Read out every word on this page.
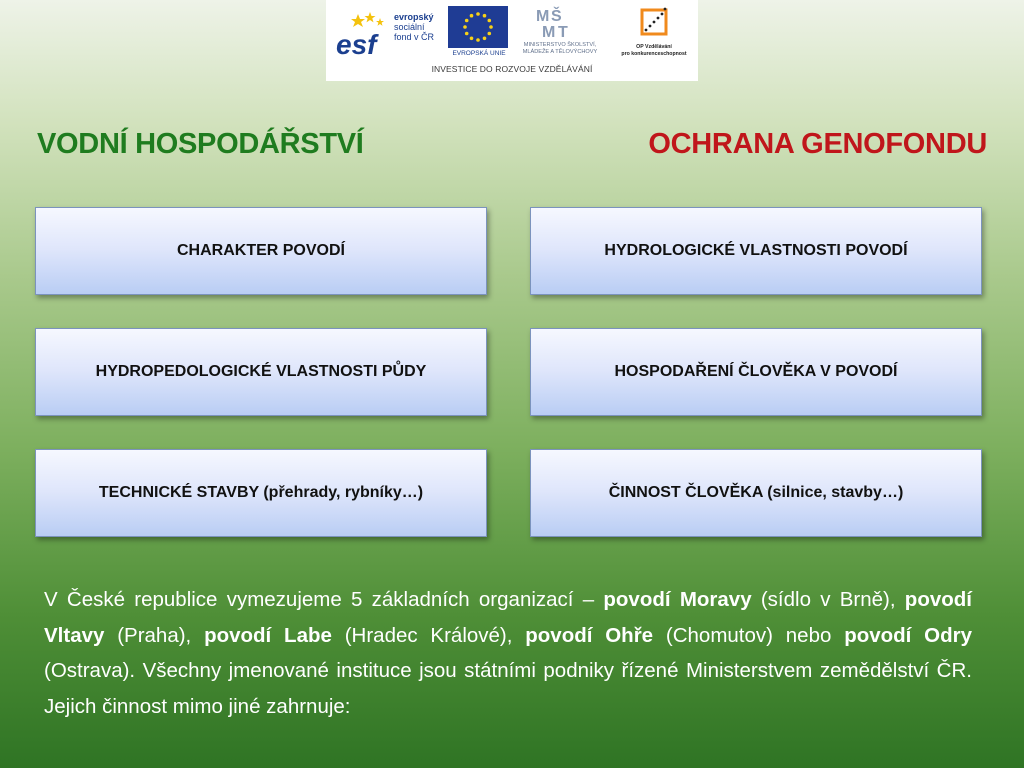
esf
evropský
sociální
fond v ČR
EVROPSKÁ UNIE
M Š
M T
MINISTERSTVO ŠKOLSTVÍ,
MLÁDEŽE A TĚLOVÝCHOVY
OP Vzdělávání
pro konkurenceschopnost
INVESTICE DO ROZVOJE VZDĚLÁVÁNÍ
VODNÍ HOSPODÁŘSTVÍ	OCHRANA GENOFONDU
CHARAKTER POVODÍ	HYDROLOGICKÉ VLASTNOSTI POVODÍ
HYDROPEDOLOGICKÉ VLASTNOSTI PŮDY	HOSPODAŘENÍ ČLOVĚKA V POVODÍ
TECHNICKÉ STAVBY (přehrady, rybníky…)	ČINNOST ČLOVĚKA (silnice, stavby…)
V České republice vymezujeme 5 základních organizací – povodí Moravy (sídlo v Brně), povodí Vltavy (Praha), povodí Labe (Hradec Králové), povodí Ohře (Chomutov) nebo povodí Odry (Ostrava). Všechny jmenované instituce jsou státními podniky řízené Ministerstvem zemědělství ČR. Jejich činnost mimo jiné zahrnuje:
